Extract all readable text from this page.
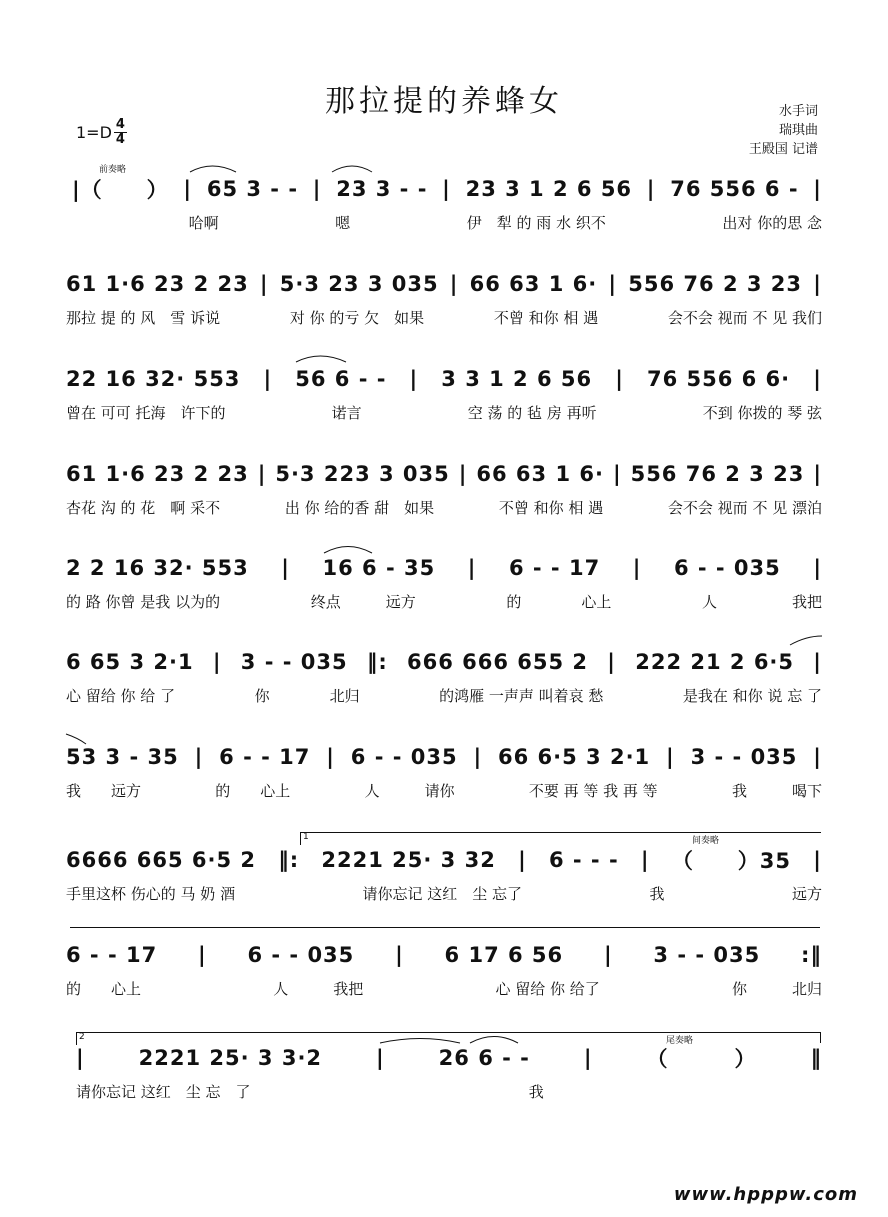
那拉提的养蜂女	水手词
瑞琪曲
王殿国 记谱
1=D 4
4
前奏略
|（　　） | 65 3 - - | 23 3 - - | 23 3 1 2 6 56 | 76 556 6 - |
哈啊	嗯	伊　犁 的 雨 水 织不	出对 你的思 念
61 1·6 23 2 23 | 5·3 23 3 035 | 66 63 1 6· | 556 76 2 3 23 |
那拉 提 的 风　雪 诉说	对 你 的亏 欠　如果	不曾 和你 相 遇	会不会 视而 不 见 我们
22 16 32· 553 | 56 6 - - | 3 3 1 2 6 56 | 76 556 6 6· |
曾在 可可 托海　许下的	诺言	空 荡 的 毡 房 再听	不到 你拨的 琴 弦
61 1·6 23 2 23 | 5·3 223 3 035 | 66 63 1 6· | 556 76 2 3 23 |
杏花 沟 的 花　啊 采不	出 你 给的香 甜　如果	不曾 和你 相 遇	会不会 视而 不 见 漂泊
2 2 16 32· 553 | 16 6 - 35 | 6 - - 17 | 6 - - 035 |
的 路 你曾 是我 以为的	终点　　　远方	的　　　　心上	人　　　　　我把
6 65 3 2·1 | 3 - - 035 ‖: 666 666 655 2 | 222 21 2 6·5 |
心 留给 你 给 了	你　　　　北归	的鸿雁 一声声 叫着哀 愁	是我在 和你 说 忘 了
53 3 - 35 | 6 - - 17 | 6 - - 035 | 66 6·5 3 2·1 | 3 - - 035 |
我　　远方	的　　心上	人　　　请你	不要 再 等 我 再 等	我　　　喝下
6666 665 6·5 2 ‖: 2221 25· 3 32 | 6 - - - | （　　）35 |
手里这杯 伤心的 马 奶 酒	请你忘记 这红　尘 忘了	我	远方
6 - - 17 | 6 - - 035 | 6 17 6 56 | 3 - - 035 :‖
的　　心上	人　　　我把	心 留给 你 给了	你　　　北归
|	2221 25· 3 3·2	|	26 6 - -	|	（　　　）	‖
请你忘记 这红　尘 忘　了	我
1	间奏略
2	尾奏略
www.hpppw.com
